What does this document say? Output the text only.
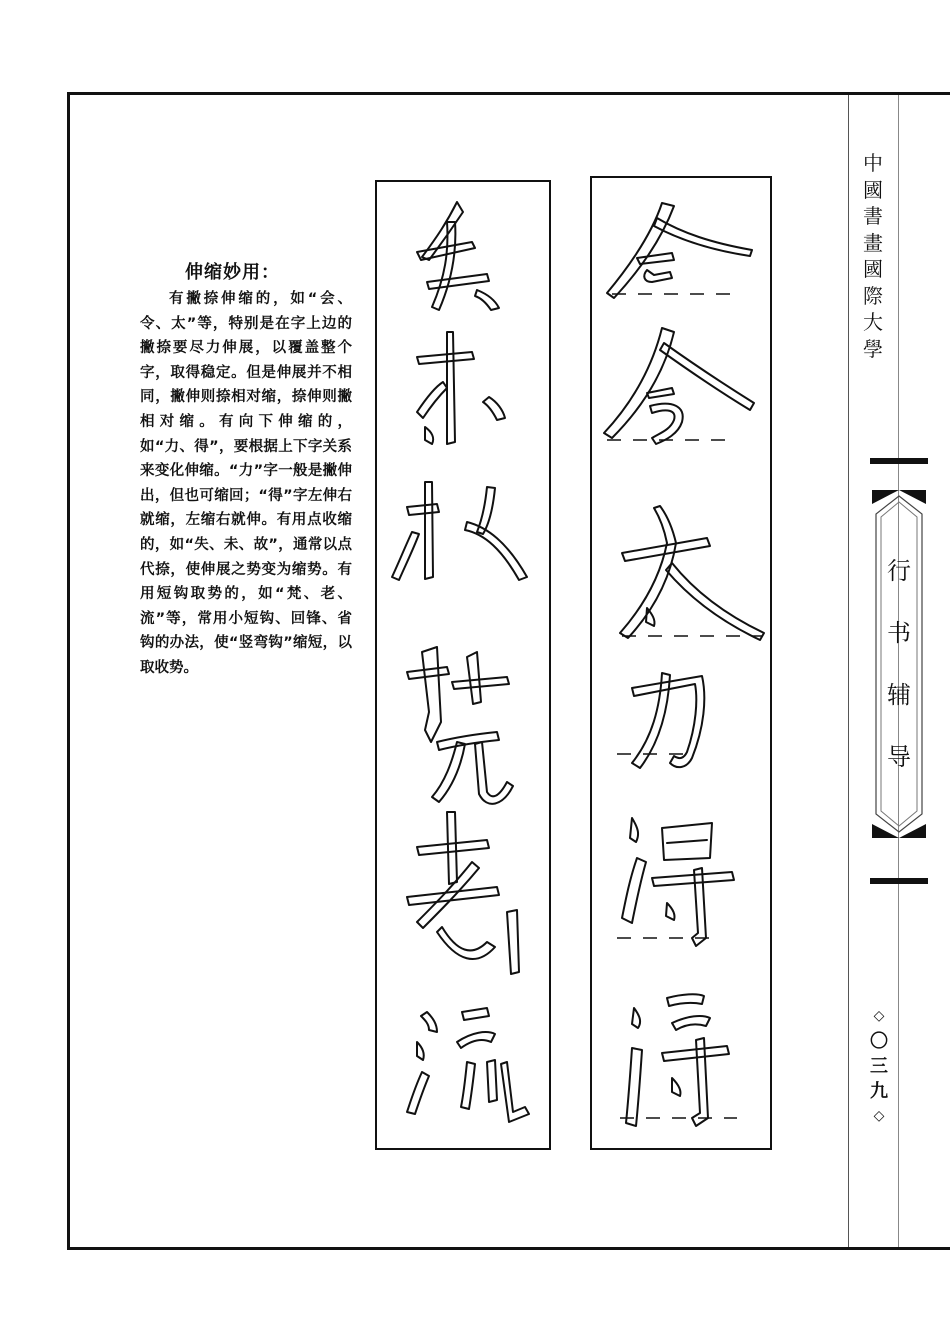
中
國
書
畫
國
際
大
學
行
书
辅
导
◇
〇
三
九
◇
伸缩妙用：
有撇捺伸缩的，如“会、令、太”等，特别是在字上边的撇捺要尽力伸展，以覆盖整个字，取得稳定。但是伸展并不相同，撇伸则捺相对缩，捺伸则撇相对缩。有向下伸缩的，如“力、得”，要根据上下字关系来变化伸缩。“力”字一般是撇伸出，但也可缩回；“得”字左伸右就缩，左缩右就伸。有用点收缩的，如“失、未、故”，通常以点代捺，使伸展之势变为缩势。有用短钩取势的，如“梵、老、流”等，常用小短钩、回锋、省钩的办法，使“竖弯钩”缩短，以取收势。
